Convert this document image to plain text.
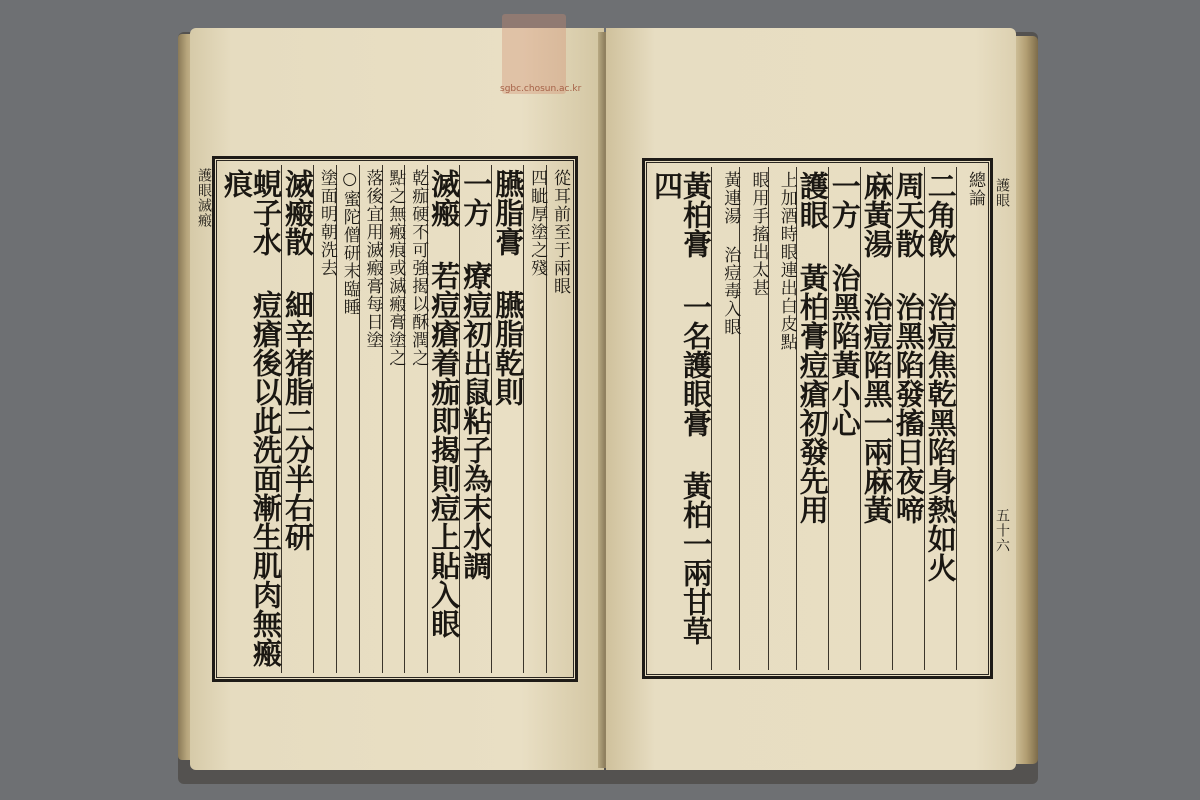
護眼滅瘢	從耳前至于兩眼
四眦厚塗之殘
臙脂膏 臙脂乾則
一方 療痘初出鼠粘子為末水調
滅瘢 若痘瘡着痂即揭則痘上貼入眼
乾痂硬不可強揭以酥潤之
點之無瘢痕或滅瘢膏塗之
落後宜用滅瘢膏每日塗
○蜜陀僧研末臨睡
塗面明朝洗去
滅瘢散 細辛猪脂二分半右研
蜆子水 痘瘡後以此洗面漸生肌肉無瘢痕	護眼
五十六
總論
二角飲 治痘焦乾黑陷身熱如火
周天散 治黑陷發搐日夜啼
麻黃湯 治痘陷黑一兩麻黃
一方 治黑陷黃小心
護眼 黃柏膏痘瘡初發先用
上加酒時眼連出白皮點
眼用手搐出太甚
黃連湯 治痘毒入眼
黃柏膏 一名護眼膏 黃柏一兩甘草四
sgbc.chosun.ac.kr
